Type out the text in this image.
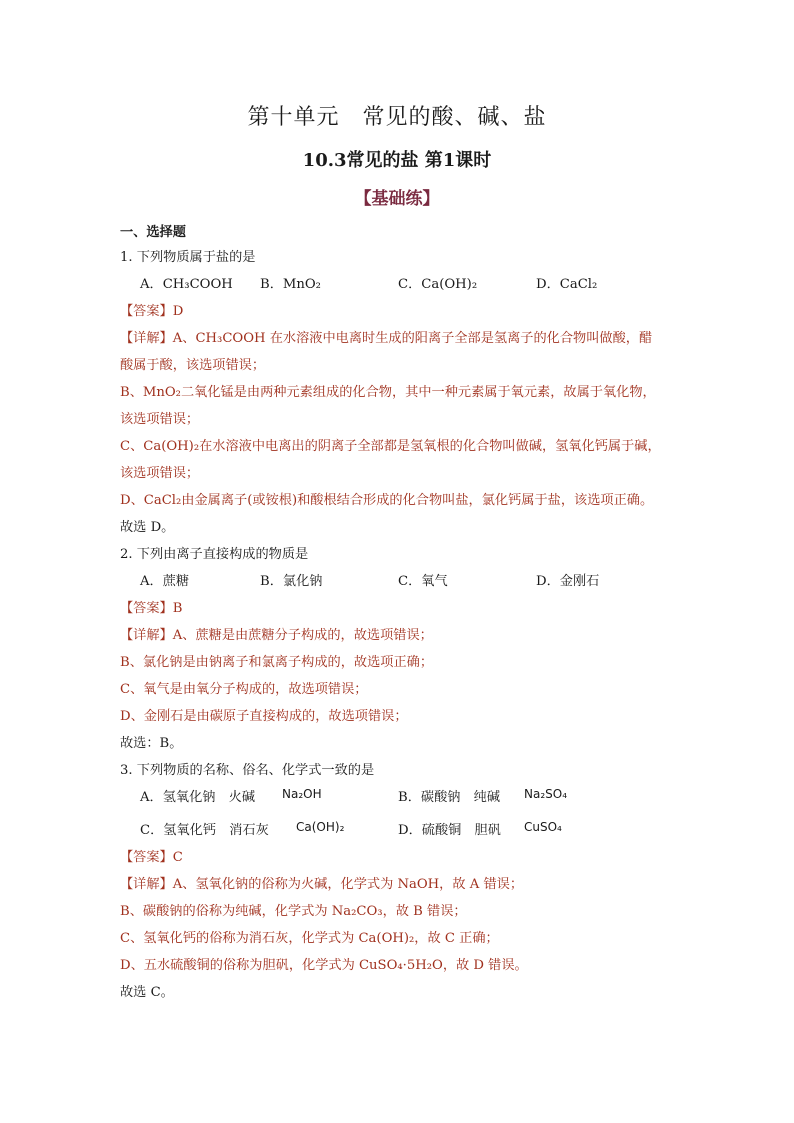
第十单元　常见的酸、碱、盐
10.3常见的盐 第1课时
【基础练】
一、选择题
1. 下列物质属于盐的是
A．CH₃COOH B．MnO₂	C．Ca(OH)₂	D．CaCl₂
【答案】D
【详解】A、CH₃COOH 在水溶液中电离时生成的阳离子全部是氢离子的化合物叫做酸，醋
酸属于酸，该选项错误；
B、MnO₂二氧化锰是由两种元素组成的化合物，其中一种元素属于氧元素，故属于氧化物，
该选项错误；
C、Ca(OH)₂在水溶液中电离出的阴离子全部都是氢氧根的化合物叫做碱，氢氧化钙属于碱，
该选项错误；
D、CaCl₂由金属离子(或铵根)和酸根结合形成的化合物叫盐，氯化钙属于盐，该选项正确。
故选 D。
2. 下列由离子直接构成的物质是
A．蔗糖	B．氯化钠	C．氧气	D．金刚石
【答案】B
【详解】A、蔗糖是由蔗糖分子构成的，故选项错误；
B、氯化钠是由钠离子和氯离子构成的，故选项正确；
C、氧气是由氧分子构成的，故选项错误；
D、金刚石是由碳原子直接构成的，故选项错误；
故选：B。
3. 下列物质的名称、俗名、化学式一致的是
A．氢氧化钠　火碱 Na₂OH	B．碳酸钠　纯碱 Na₂SO₄
C．氢氧化钙　消石灰 Ca(OH)₂	D．硫酸铜　胆矾 CuSO₄
【答案】C
【详解】A、氢氧化钠的俗称为火碱，化学式为 NaOH，故 A 错误；
B、碳酸钠的俗称为纯碱，化学式为 Na₂CO₃，故 B 错误；
C、氢氧化钙的俗称为消石灰，化学式为 Ca(OH)₂，故 C 正确；
D、五水硫酸铜的俗称为胆矾，化学式为 CuSO₄·5H₂O，故 D 错误。
故选 C。
